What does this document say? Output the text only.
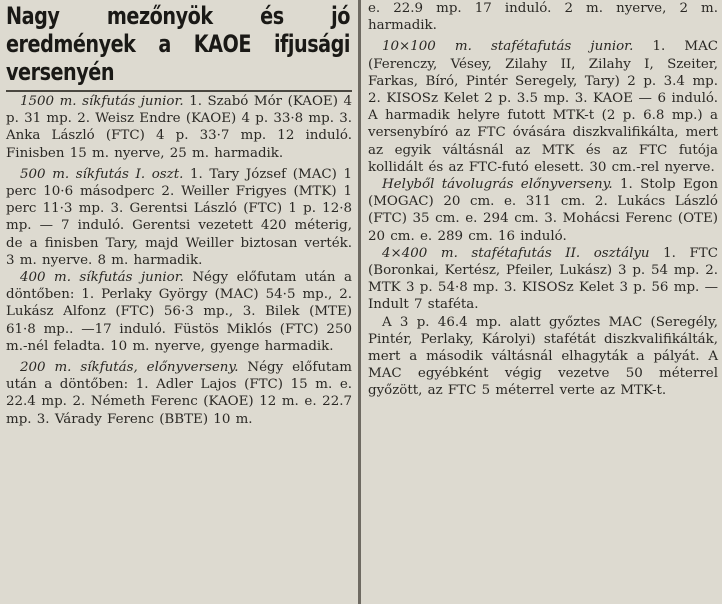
Nagy mezőnyök és jó eredmények a KAOE ifjusági versenyén

1500 m. síkfutás junior. 1. Szabó Mór (KAOE) 4 p. 31 mp. 2. Weisz Endre (KAOE) 4 p. 33·8 mp. 3. Anka László (FTC) 4 p. 33·7 mp. 12 induló. Finisben 15 m. nyerve, 25 m. harmadik.

500 m. síkfutás I. oszt. 1. Tary József (MAC) 1 perc 10·6 másodperc 2. Weiller Frigyes (MTK) 1 perc 11·3 mp. 3. Gerentsi László (FTC) 1 p. 12·8 mp. — 7 induló. Gerentsi vezetett 420 méterig, de a finisben Tary, majd Weiller biztosan verték. 3 m. nyerve. 8 m. harmadik.

400 m. síkfutás junior. Négy előfutam után a döntőben: 1. Perlaky György (MAC) 54·5 mp., 2. Lukász Alfonz (FTC) 56·3 mp., 3. Bilek (MTE) 61·8 mp.. —17 induló. Füstös Miklós (FTC) 250 m.-nél feladta. 10 m. nyerve, gyenge harmadik.

200 m. síkfutás, előnyverseny. Négy előfutam után a döntőben: 1. Adler Lajos (FTC) 15 m. e. 22.4 mp. 2. Németh Ferenc (KAOE) 12 m. e. 22.7 mp. 3. Várady Ferenc (BBTE) 10 m.

e. 22.9 mp. 17 induló. 2 m. nyerve, 2 m. harmadik.

10×100 m. stafétafutás junior. 1. MAC (Ferenczy, Vésey, Zilahy II, Zilahy I, Szeiter, Farkas, Bíró, Pintér Seregely, Tary) 2 p. 3.4 mp. 2. KISOSz Kelet 2 p. 3.5 mp. 3. KAOE — 6 induló. A harmadik helyre futott MTK-t (2 p. 6.8 mp.) a versenybíró az FTC óvására diszkvalifikálta, mert az egyik váltásnál az MTK és az FTC futója kollidált és az FTC-futó elesett. 30 cm.-rel nyerve.

Helyből távolugrás előnyverseny. 1. Stolp Egon (MOGAC) 20 cm. e. 311 cm. 2. Lukács László (FTC) 35 cm. e. 294 cm. 3. Mohácsi Ferenc (OTE) 20 cm. e. 289 cm. 16 induló.

4×400 m. stafétafutás II. osztályu 1. FTC (Boronkai, Kertész, Pfeiler, Lukász) 3 p. 54 mp. 2. MTK 3 p. 54·8 mp. 3. KISOSz Kelet 3 p. 56 mp. — Indult 7 staféta.

A 3 p. 46.4 mp. alatt győztes MAC (Seregély, Pintér, Perlaky, Károlyi) stafétát diszkvalifikálták, mert a második váltásnál elhagyták a pályát. A MAC egyébként végig vezetve 50 méterrel győzött, az FTC 5 méterrel verte az MTK-t.
